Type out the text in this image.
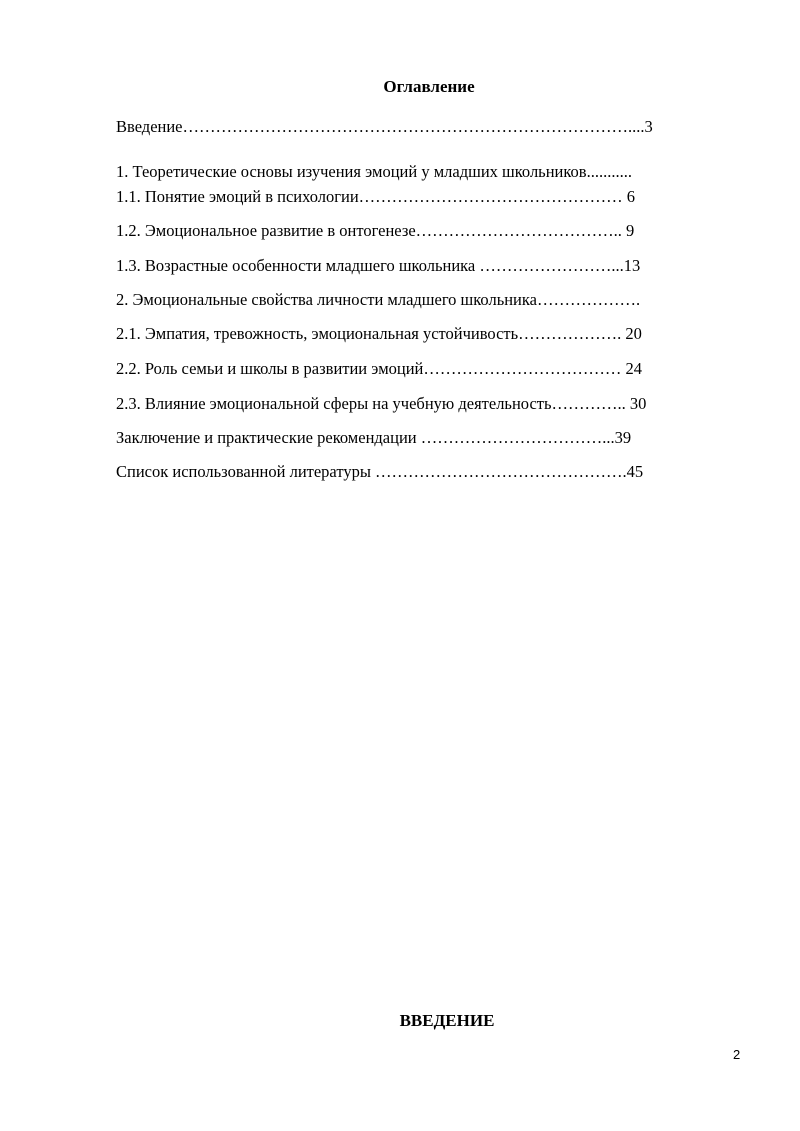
Оглавление
Введение………………………………………………………………………....3
1. Теоретические основы изучения эмоций у младших школьников...........
1.1. Понятие эмоций в психологии………………………………………… 6
1.2. Эмоциональное развитие в онтогенезе……………………………….. 9
1.3. Возрастные особенности младшего школьника ……………………...13
2. Эмоциональные свойства личности младшего школьника……………….
2.1. Эмпатия, тревожность, эмоциональная устойчивость………………. 20
2.2. Роль семьи и школы в развитии эмоций……………………………… 24
2.3. Влияние эмоциональной сферы на учебную деятельность………….. 30
Заключение и практические рекомендации ……………………………...39
Список использованной литературы ……………………………………….45
ВВЕДЕНИЕ
2
